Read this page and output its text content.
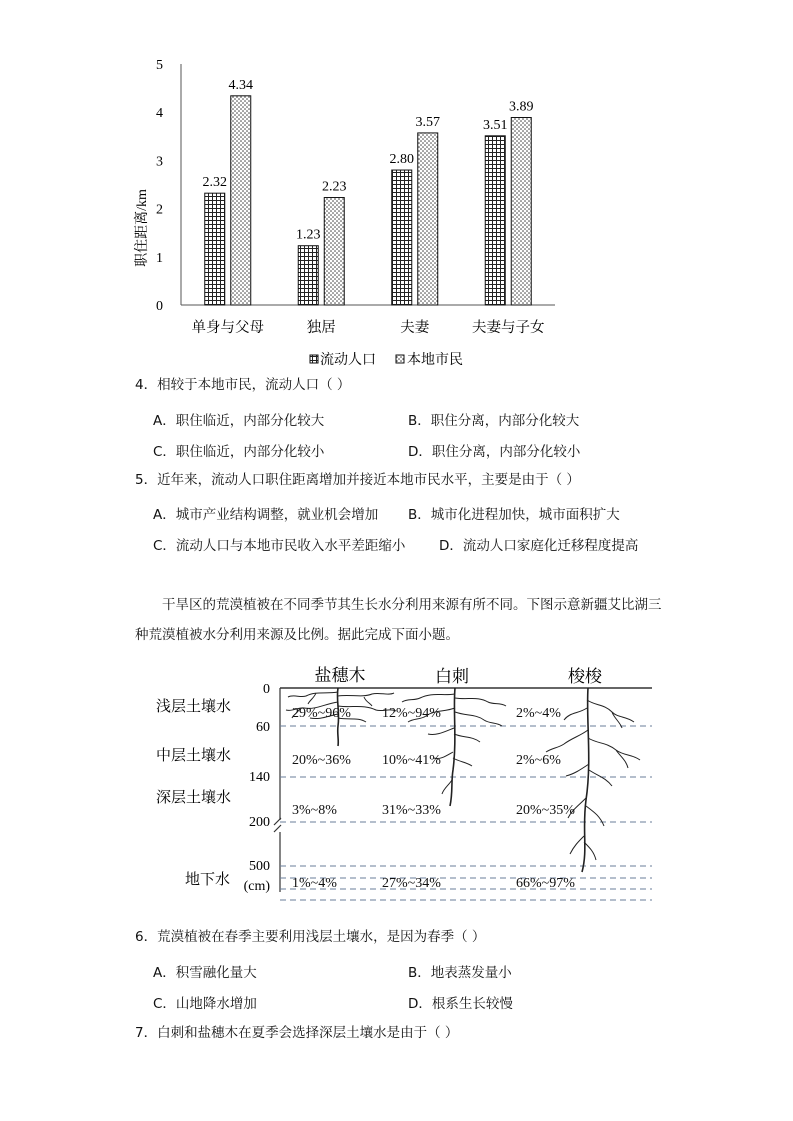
职住距离/km
0
1
2
3
4
5
2.32
4.34
1.23
2.23
2.80
3.57	3.51
3.89
单身与父母	独居	夫妻	夫妻与子女
流动人口 本地市民
4．相较于本地市民，流动人口（ ）
A．职住临近，内部分化较大	B．职住分离，内部分化较大
C．职住临近，内部分化较小	D．职住分离，内部分化较小
5．近年来，流动人口职住距离增加并接近本地市民水平，主要是由于（ ）
A．城市产业结构调整，就业机会增加 B．城市化进程加快，城市面积扩大
C．流动人口与本地市民收入水平差距缩小 D．流动人口家庭化迁移程度提高
干旱区的荒漠植被在不同季节其生长水分利用来源有所不同。下图示意新疆艾比湖三种荒漠植被水分利用来源及比例。据此完成下面小题。
盐穗木	白刺	梭梭
0
60
140
200
500
(cm)
浅层土壤水
中层土壤水
深层土壤水
地下水
29%~96% 12%~94%	2%~4%
20%~36% 10%~41%	2%~6%
3%~8%	31%~33%	20%~35%
1%~4%	27%~34%	66%~97%
6．荒漠植被在春季主要利用浅层土壤水，是因为春季（ ）
A．积雪融化量大	B．地表蒸发量小
C．山地降水增加	D．根系生长较慢
7．白刺和盐穗木在夏季会选择深层土壤水是由于（ ）
